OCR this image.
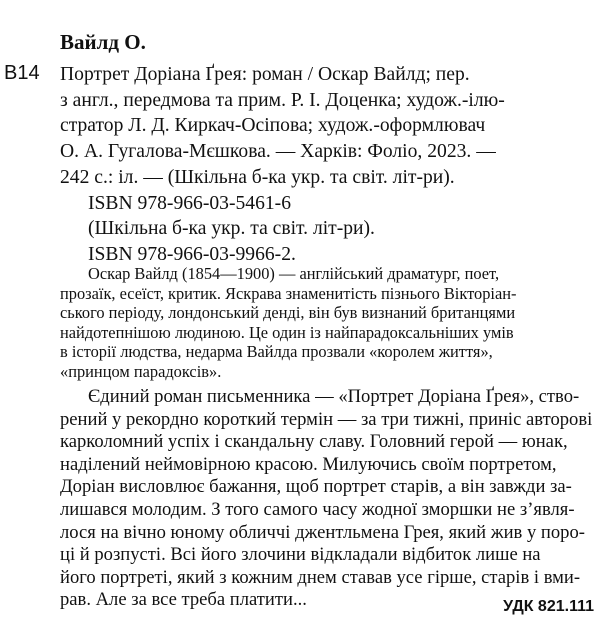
Вайлд О.
В14 Портрет Доріана Ґрея: роман / Оскар Вайлд; пер.
з англ., передмова та прим. Р. І. Доценка; худож.-ілю-
стратор Л. Д. Киркач-Осіпова; худож.-оформлювач
О. А. Гугалова-Мєшкова. — Харків: Фоліо, 2023. —
242 с.: іл. — (Шкільна б-ка укр. та світ. літ-ри).
ISBN 978-966-03-5461-6
(Шкільна б-ка укр. та світ. літ-ри).
ISBN 978-966-03-9966-2.
Оскар Вайлд (1854—1900) — англійський драматург, поет,
прозаїк, есеїст, критик. Яскрава знаменитість пізнього Вікторіан-
ського періоду, лондонський денді, він був визнаний британцями
найдотепнішою людиною. Це один із найпарадоксальніших умів
в історії людства, недарма Вайлда прозвали «королем життя»,
«принцом парадоксів».
Єдиний роман письменника — «Портрет Доріана Ґрея», ство-
рений у рекордно короткий термін — за три тижні, приніс авторові
карколомний успіх і скандальну славу. Головний герой — юнак,
наділений неймовірною красою. Милуючись своїм портретом,
Доріан висловлює бажання, щоб портрет старів, а він завжди за-
лишався молодим. З того самого часу жодної зморшки не з’явля-
лося на вічно юному обличчі джентльмена Грея, який жив у поро-
ці й розпусті. Всі його злочини відкладали відбиток лише на
його портреті, який з кожним днем ставав усе гірше, старів і вми-
рав. Але за все треба платити...	УДК 821.111
